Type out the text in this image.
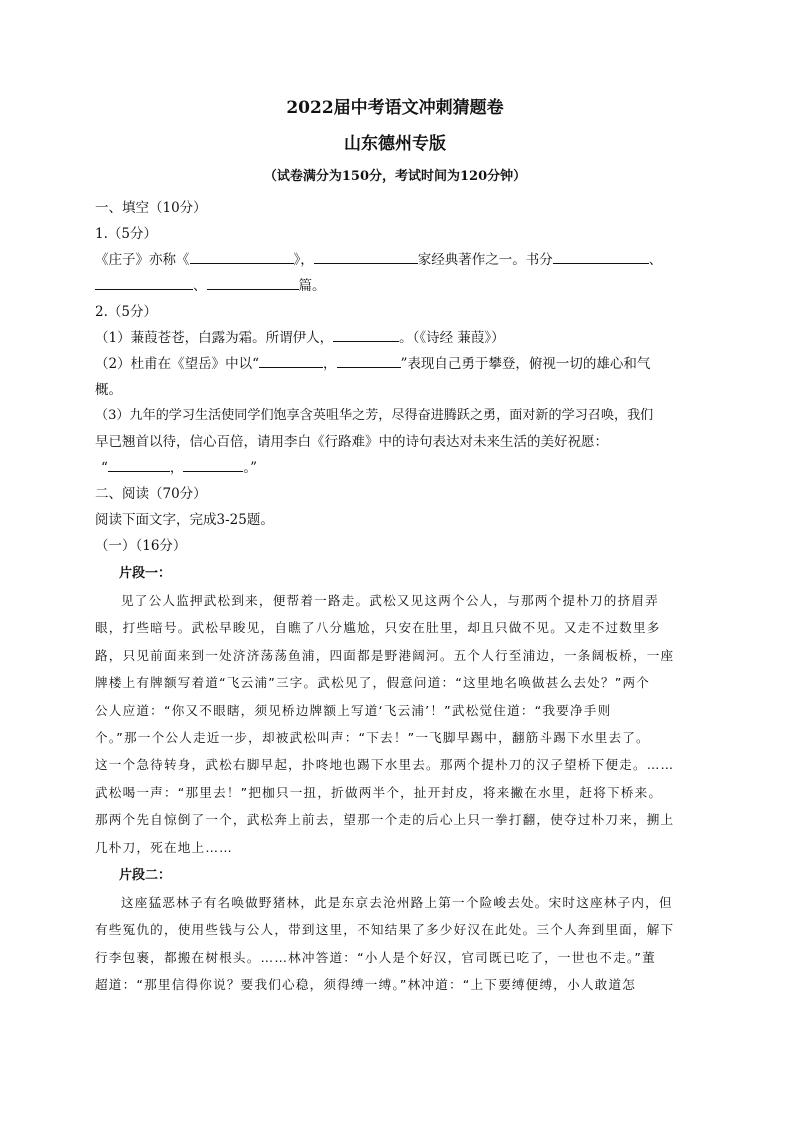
2022届中考语文冲刺猜题卷

山东德州专版

（试卷满分为150分，考试时间为120分钟）

一、填空（10分）

1.（5分）

《庄子》亦称《	》，	家经典著作之一。书分	、

、	篇。

2.（5分）

（1）蒹葭苍苍，白露为霜。所谓伊人，	。（《诗经 蒹葭》）

（2）杜甫在《望岳》中以“	，	”表现自己勇于攀登，俯视一切的雄心和气

概。

（3）九年的学习生活使同学们饱享含英咀华之芳，尽得奋进腾跃之勇，面对新的学习召唤，我们

早已翘首以待，信心百倍，请用李白《行路难》中的诗句表达对未来生活的美好祝愿：

“	，	。”

二、阅读（70分）

阅读下面文字，完成3-25题。

（一）（16分）

片段一：

见了公人监押武松到来，便帮着一路走。武松又见这两个公人，与那两个提朴刀的挤眉弄

眼，打些暗号。武松早睃见，自瞧了八分尴尬，只安在肚里，却且只做不见。又走不过数里多

路，只见前面来到一处济济荡荡鱼浦，四面都是野港阔河。五个人行至浦边，一条阔板桥，一座

牌楼上有牌额写着道“飞云浦”三字。武松见了，假意问道：“这里地名唤做甚么去处？”两个

公人应道：“你又不眼瞎，须见桥边牌额上写道‘飞云浦’！”武松觉住道：“我要净手则

个。”那一个公人走近一步，却被武松叫声：“下去！”一飞脚早踢中，翻筋斗踢下水里去了。

这一个急待转身，武松右脚早起，扑咚地也踢下水里去。那两个提朴刀的汉子望桥下便走。……

武松喝一声：“那里去！”把枷只一扭，折做两半个，扯开封皮，将来撇在水里，赶将下桥来。

那两个先自惊倒了一个，武松奔上前去，望那一个走的后心上只一拳打翻，使夺过朴刀来，搠上

几朴刀，死在地上……

片段二：

这座猛恶林子有名唤做野猪林，此是东京去沧州路上第一个险峻去处。宋时这座林子内，但

有些冤仇的，使用些钱与公人，带到这里，不知结果了多少好汉在此处。三个人奔到里面，解下

行李包裹，都搬在树根头。……林冲答道：“小人是个好汉，官司既已吃了，一世也不走。”董

超道：“那里信得你说？要我们心稳，须得缚一缚。”林冲道：“上下要缚便缚，小人敢道怎
